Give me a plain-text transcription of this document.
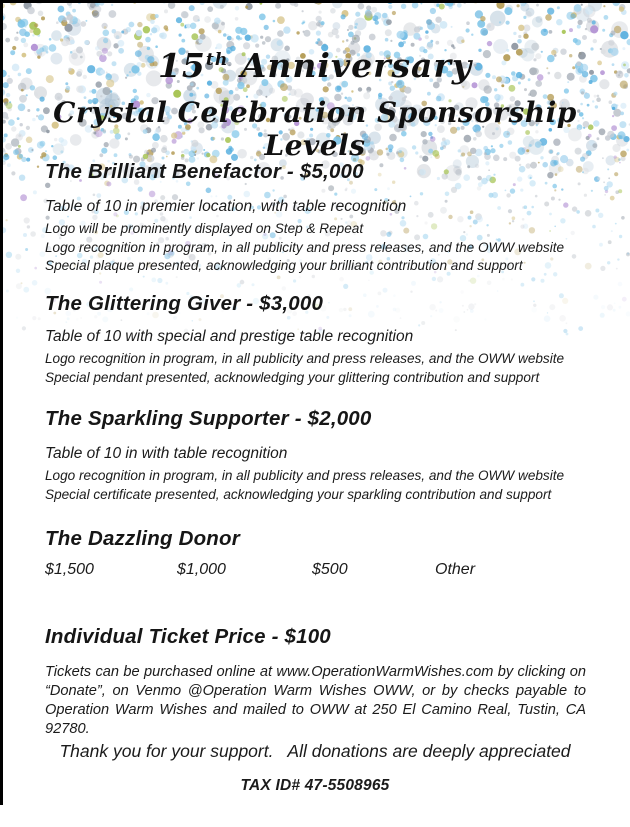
15th Anniversary
Crystal Celebration Sponsorship Levels
The Brilliant Benefactor - $5,000
Table of 10 in premier location, with table recognition
Logo will be prominently displayed on Step & Repeat
Logo recognition in program, in all publicity and press releases, and the OWW website
Special plaque presented, acknowledging your brilliant contribution and support
The Glittering Giver - $3,000
Table of 10 with special and prestige table recognition
Logo recognition in program, in all publicity and press releases, and the OWW website
Special pendant presented, acknowledging your glittering contribution and support
The Sparkling Supporter - $2,000
Table of 10 in with table recognition
Logo recognition in program, in all publicity and press releases, and the OWW website
Special certificate presented, acknowledging your sparkling contribution and support
The Dazzling Donor
$1,500	$1,000	$500	Other
Individual Ticket Price - $100
Tickets can be purchased online at www.OperationWarmWishes.com by clicking on “Donate”, on Venmo @Operation Warm Wishes OWW, or by checks payable to Operation Warm Wishes and mailed to OWW at 250 El Camino Real, Tustin, CA 92780.
Thank you for your support.   All donations are deeply appreciated
TAX ID# 47-5508965
